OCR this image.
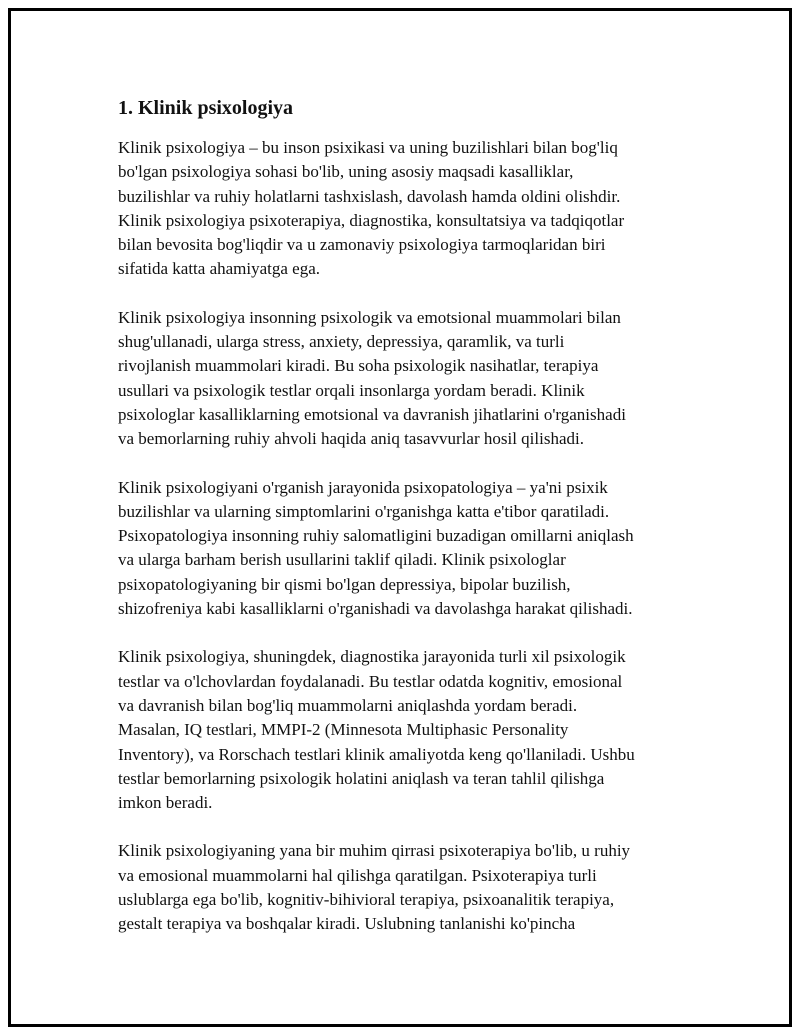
1. Klinik psixologiya

Klinik psixologiya – bu inson psixikasi va uning buzilishlari bilan bog'liq
bo'lgan psixologiya sohasi bo'lib, uning asosiy maqsadi kasalliklar,
buzilishlar va ruhiy holatlarni tashxislash, davolash hamda oldini olishdir.
Klinik psixologiya psixoterapiya, diagnostika, konsultatsiya va tadqiqotlar
bilan bevosita bog'liqdir va u zamonaviy psixologiya tarmoqlaridan biri
sifatida katta ahamiyatga ega.

Klinik psixologiya insonning psixologik va emotsional muammolari bilan
shug'ullanadi, ularga stress, anxiety, depressiya, qaramlik, va turli
rivojlanish muammolari kiradi. Bu soha psixologik nasihatlar, terapiya
usullari va psixologik testlar orqali insonlarga yordam beradi. Klinik
psixologlar kasalliklarning emotsional va davranish jihatlarini o'rganishadi
va bemorlarning ruhiy ahvoli haqida aniq tasavvurlar hosil qilishadi.

Klinik psixologiyani o'rganish jarayonida psixopatologiya – ya'ni psixik
buzilishlar va ularning simptomlarini o'rganishga katta e'tibor qaratiladi.
Psixopatologiya insonning ruhiy salomatligini buzadigan omillarni aniqlash
va ularga barham berish usullarini taklif qiladi. Klinik psixologlar
psixopatologiyaning bir qismi bo'lgan depressiya, bipolar buzilish,
shizofreniya kabi kasalliklarni o'rganishadi va davolashga harakat qilishadi.

Klinik psixologiya, shuningdek, diagnostika jarayonida turli xil psixologik
testlar va o'lchovlardan foydalanadi. Bu testlar odatda kognitiv, emosional
va davranish bilan bog'liq muammolarni aniqlashda yordam beradi.
Masalan, IQ testlari, MMPI-2 (Minnesota Multiphasic Personality
Inventory), va Rorschach testlari klinik amaliyotda keng qo'llaniladi. Ushbu
testlar bemorlarning psixologik holatini aniqlash va teran tahlil qilishga
imkon beradi.

Klinik psixologiyaning yana bir muhim qirrasi psixoterapiya bo'lib, u ruhiy
va emosional muammolarni hal qilishga qaratilgan. Psixoterapiya turli
uslublarga ega bo'lib, kognitiv-bihivioral terapiya, psixoanalitik terapiya,
gestalt terapiya va boshqalar kiradi. Uslubning tanlanishi ko'pincha
